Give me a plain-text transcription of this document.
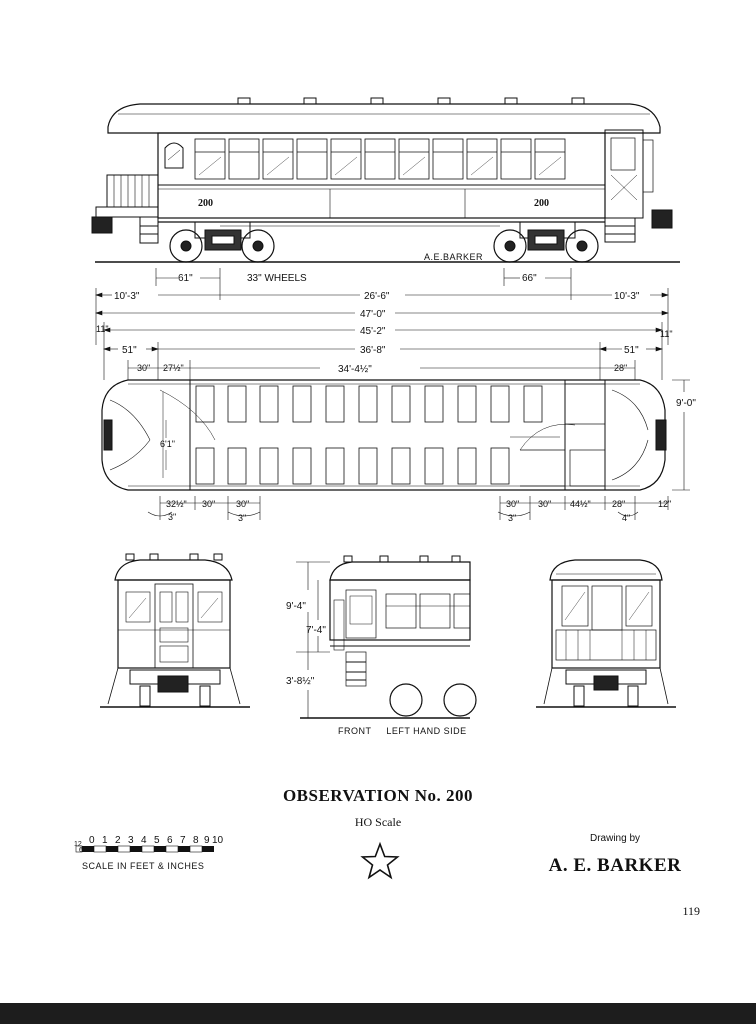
200	200
A.E.BARKER
61"	33" WHEELS	66"
10'-3"	26'-6"	10'-3"
47'-0"
45'-2"
11"	11"
51"	36'-8"	51"
30" 27½"	34'-4½"	28"
9'-0"
6'1"
32½" 30" 30"
3"	3"
30" 30" 44½" 28"	12"
3"	4"
9'-4"
7'-4"
3'-8½"
FRONT     LEFT HAND SIDE
0 1 2 3 4 5 6 7 8 9 10
12
6
OBSERVATION No. 200
HO Scale
SCALE IN FEET & INCHES
Drawing by
A. E. BARKER
119
